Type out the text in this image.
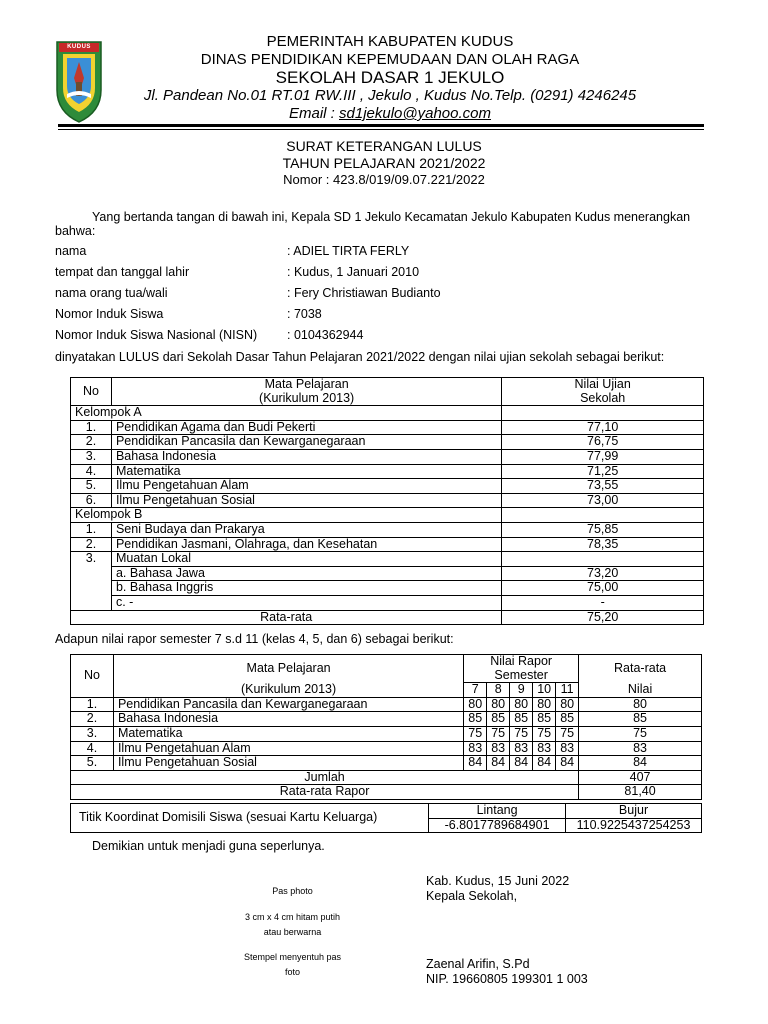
KUDUS	PEMERINTAH KABUPATEN KUDUS
DINAS PENDIDIKAN KEPEMUDAAN DAN OLAH RAGA
SEKOLAH DASAR 1 JEKULO
Jl. Pandean No.01 RT.01 RW.III , Jekulo , Kudus No.Telp. (0291) 4246245
Email : sd1jekulo@yahoo.com
SURAT KETERANGAN LULUS
TAHUN PELAJARAN 2021/2022
Nomor : 423.8/019/09.07.221/2022
Yang bertanda tangan di bawah ini, Kepala SD 1 Jekulo Kecamatan Jekulo Kabupaten Kudus menerangkan bahwa:
nama	: ADIEL TIRTA FERLY
tempat dan tanggal lahir	: Kudus, 1 Januari 2010
nama orang tua/wali	: Fery Christiawan Budianto
Nomor Induk Siswa	: 7038
Nomor Induk Siswa Nasional (NISN) : 0104362944
dinyatakan LULUS dari Sekolah Dasar Tahun Pelajaran 2021/2022 dengan nilai ujian sekolah sebagai berikut:
No	Mata Pelajaran	Nilai Ujian
	(Kurikulum 2013)	Sekolah
Kelompok A		
1.	Pendidikan Agama dan Budi Pekerti	77,10
2.	Pendidikan Pancasila dan Kewarganegaraan	76,75
3.	Bahasa Indonesia	77,99
4.	Matematika	71,25
5.	Ilmu Pengetahuan Alam	73,55
6.	Ilmu Pengetahuan Sosial	73,00
Kelompok B		
1.	Seni Budaya dan Prakarya	75,85
2.	Pendidikan Jasmani, Olahraga, dan Kesehatan	78,35
3.	Muatan Lokal	
	a. Bahasa Jawa	73,20
	b. Bahasa Inggris	75,00
	c. -	-
Rata-rata		75,20
Adapun nilai rapor semester 7 s.d 11 (kelas 4, 5, dan 6) sebagai berikut:
No	Mata Pelajaran	Nilai Rapor Semester					Rata-rata
	(Kurikulum 2013)	7	8	9	10	11	Nilai
1.	Pendidikan Pancasila dan Kewarganegaraan	80	80	80	80	80	80
2.	Bahasa Indonesia	85	85	85	85	85	85
3.	Matematika	75	75	75	75	75	75
4.	Ilmu Pengetahuan Alam	83	83	83	83	83	83
5.	Ilmu Pengetahuan Sosial	84	84	84	84	84	84
Jumlah							407
Rata-rata Rapor							81,40
Titik Koordinat Domisili Siswa (sesuai Kartu Keluarga)	Lintang	Bujur
	-6.8017789684901	110.9225437254253
Demikian untuk menjadi guna seperlunya.
Pas photo
3 cm x 4 cm hitam putih
atau berwarna
Stempel menyentuh pas
foto
Kab. Kudus, 15 Juni 2022
Kepala Sekolah,
Zaenal Arifin, S.Pd
NIP. 19660805 199301 1 003
